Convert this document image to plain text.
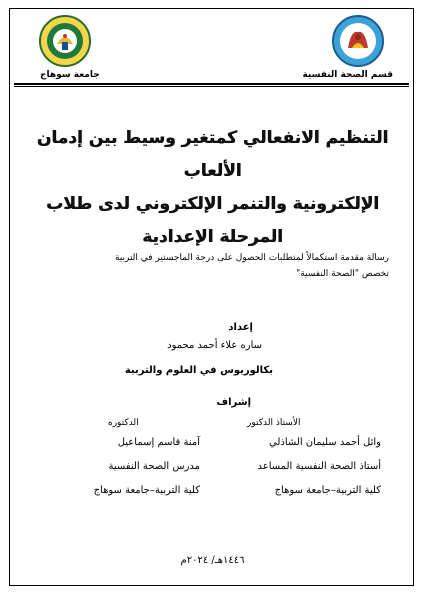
جامعة سوهاج	قسم الصحة النفسية
التنظيم الانفعالي كمتغير وسيط بين إدمان الألعاب
الإلكترونية والتنمر الإلكتروني لدى طلاب
المرحلة الإعدادية
رسالة مقدمة استكمالاً لمتطلبات الحصول على درجة الماجستير في التربية
تخصص "الصحة النفسية"
إعداد
ساره علاء أحمد محمود
بكالوريوس في العلوم والتربية
إشراف
الأستاذ الدكتور
وائل أحمد سليمان الشاذلي
أستاذ الصحة النفسية المساعد
كلية التربية–جامعة سوهاج
الدكتوره
آمنة قاسم إسماعيل
مدرس الصحة النفسية
كلية التربية–جامعة سوهاج
١٤٤٦هـ/ ٢٠٢٤م
